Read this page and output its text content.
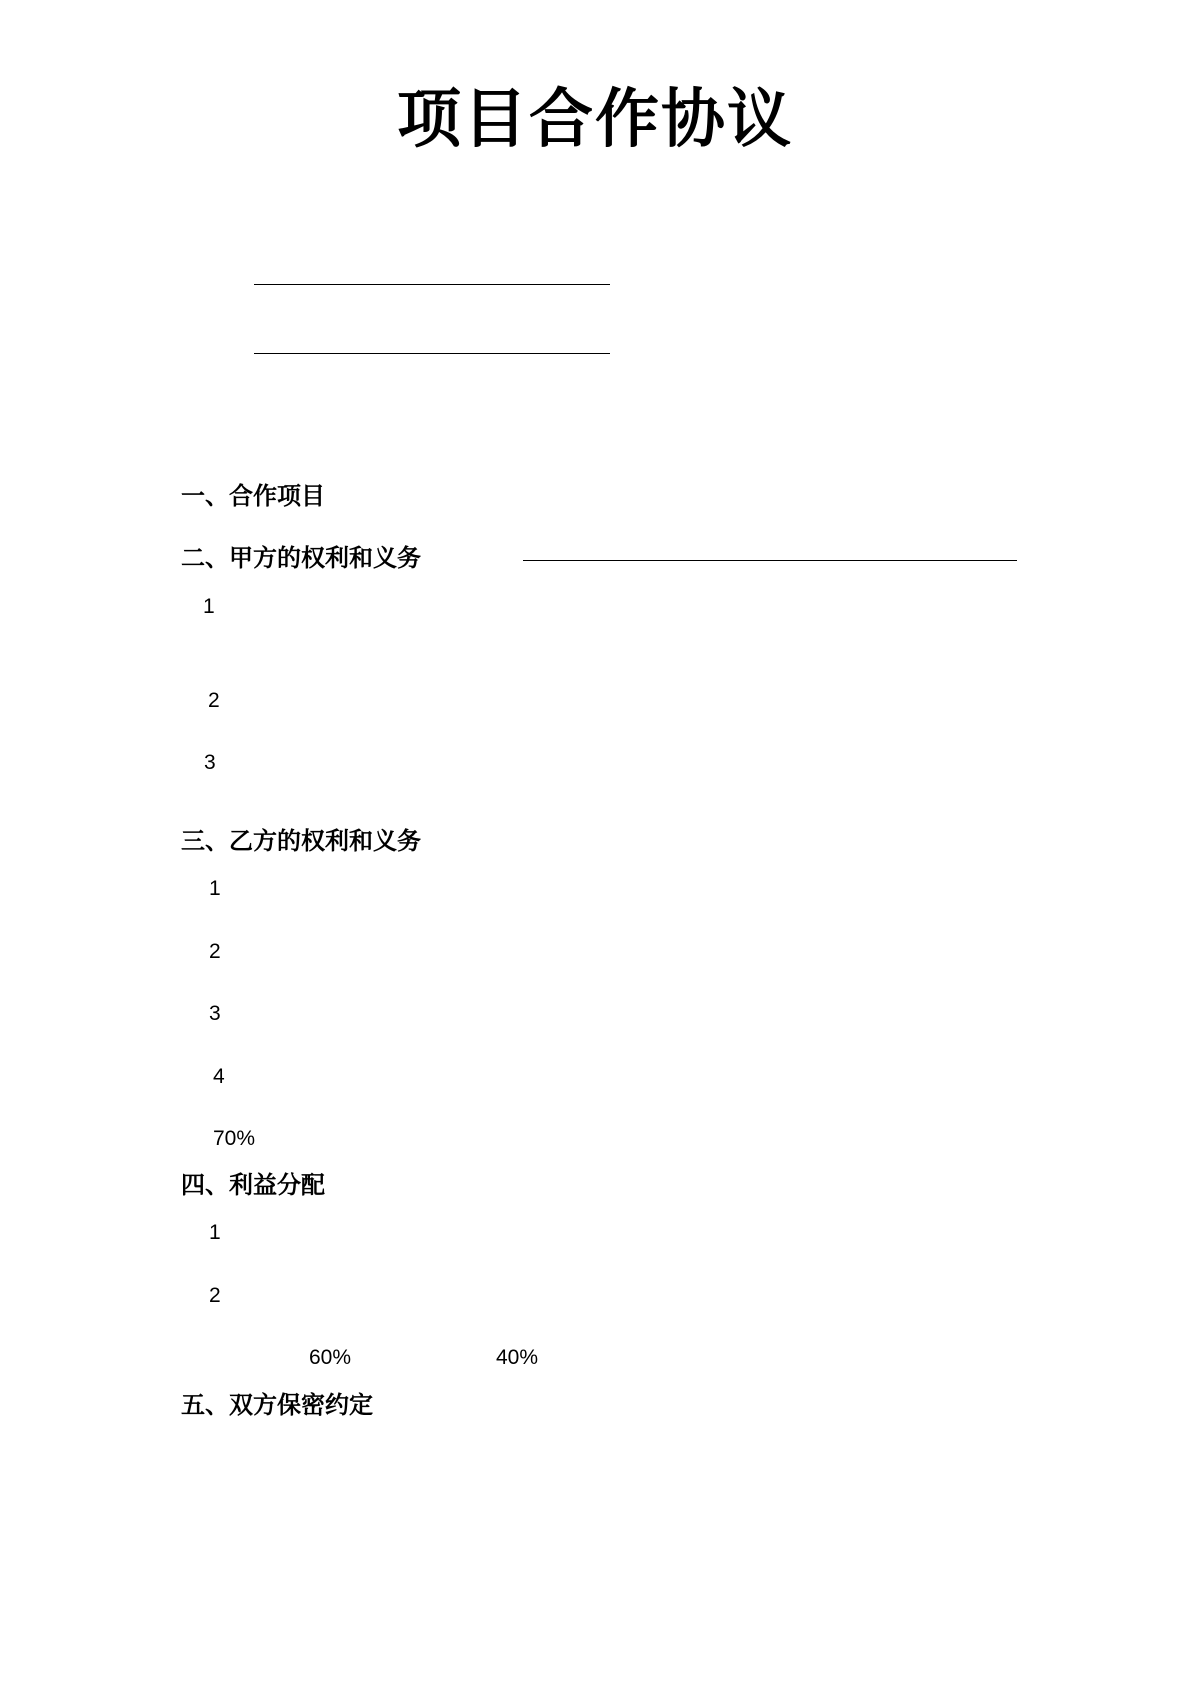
项目合作协议
一、合作项目
二、甲方的权利和义务
1
2
3
三、乙方的权利和义务
1
2
3
4
70%
四、利益分配
1
2
60%	40%
五、双方保密约定
